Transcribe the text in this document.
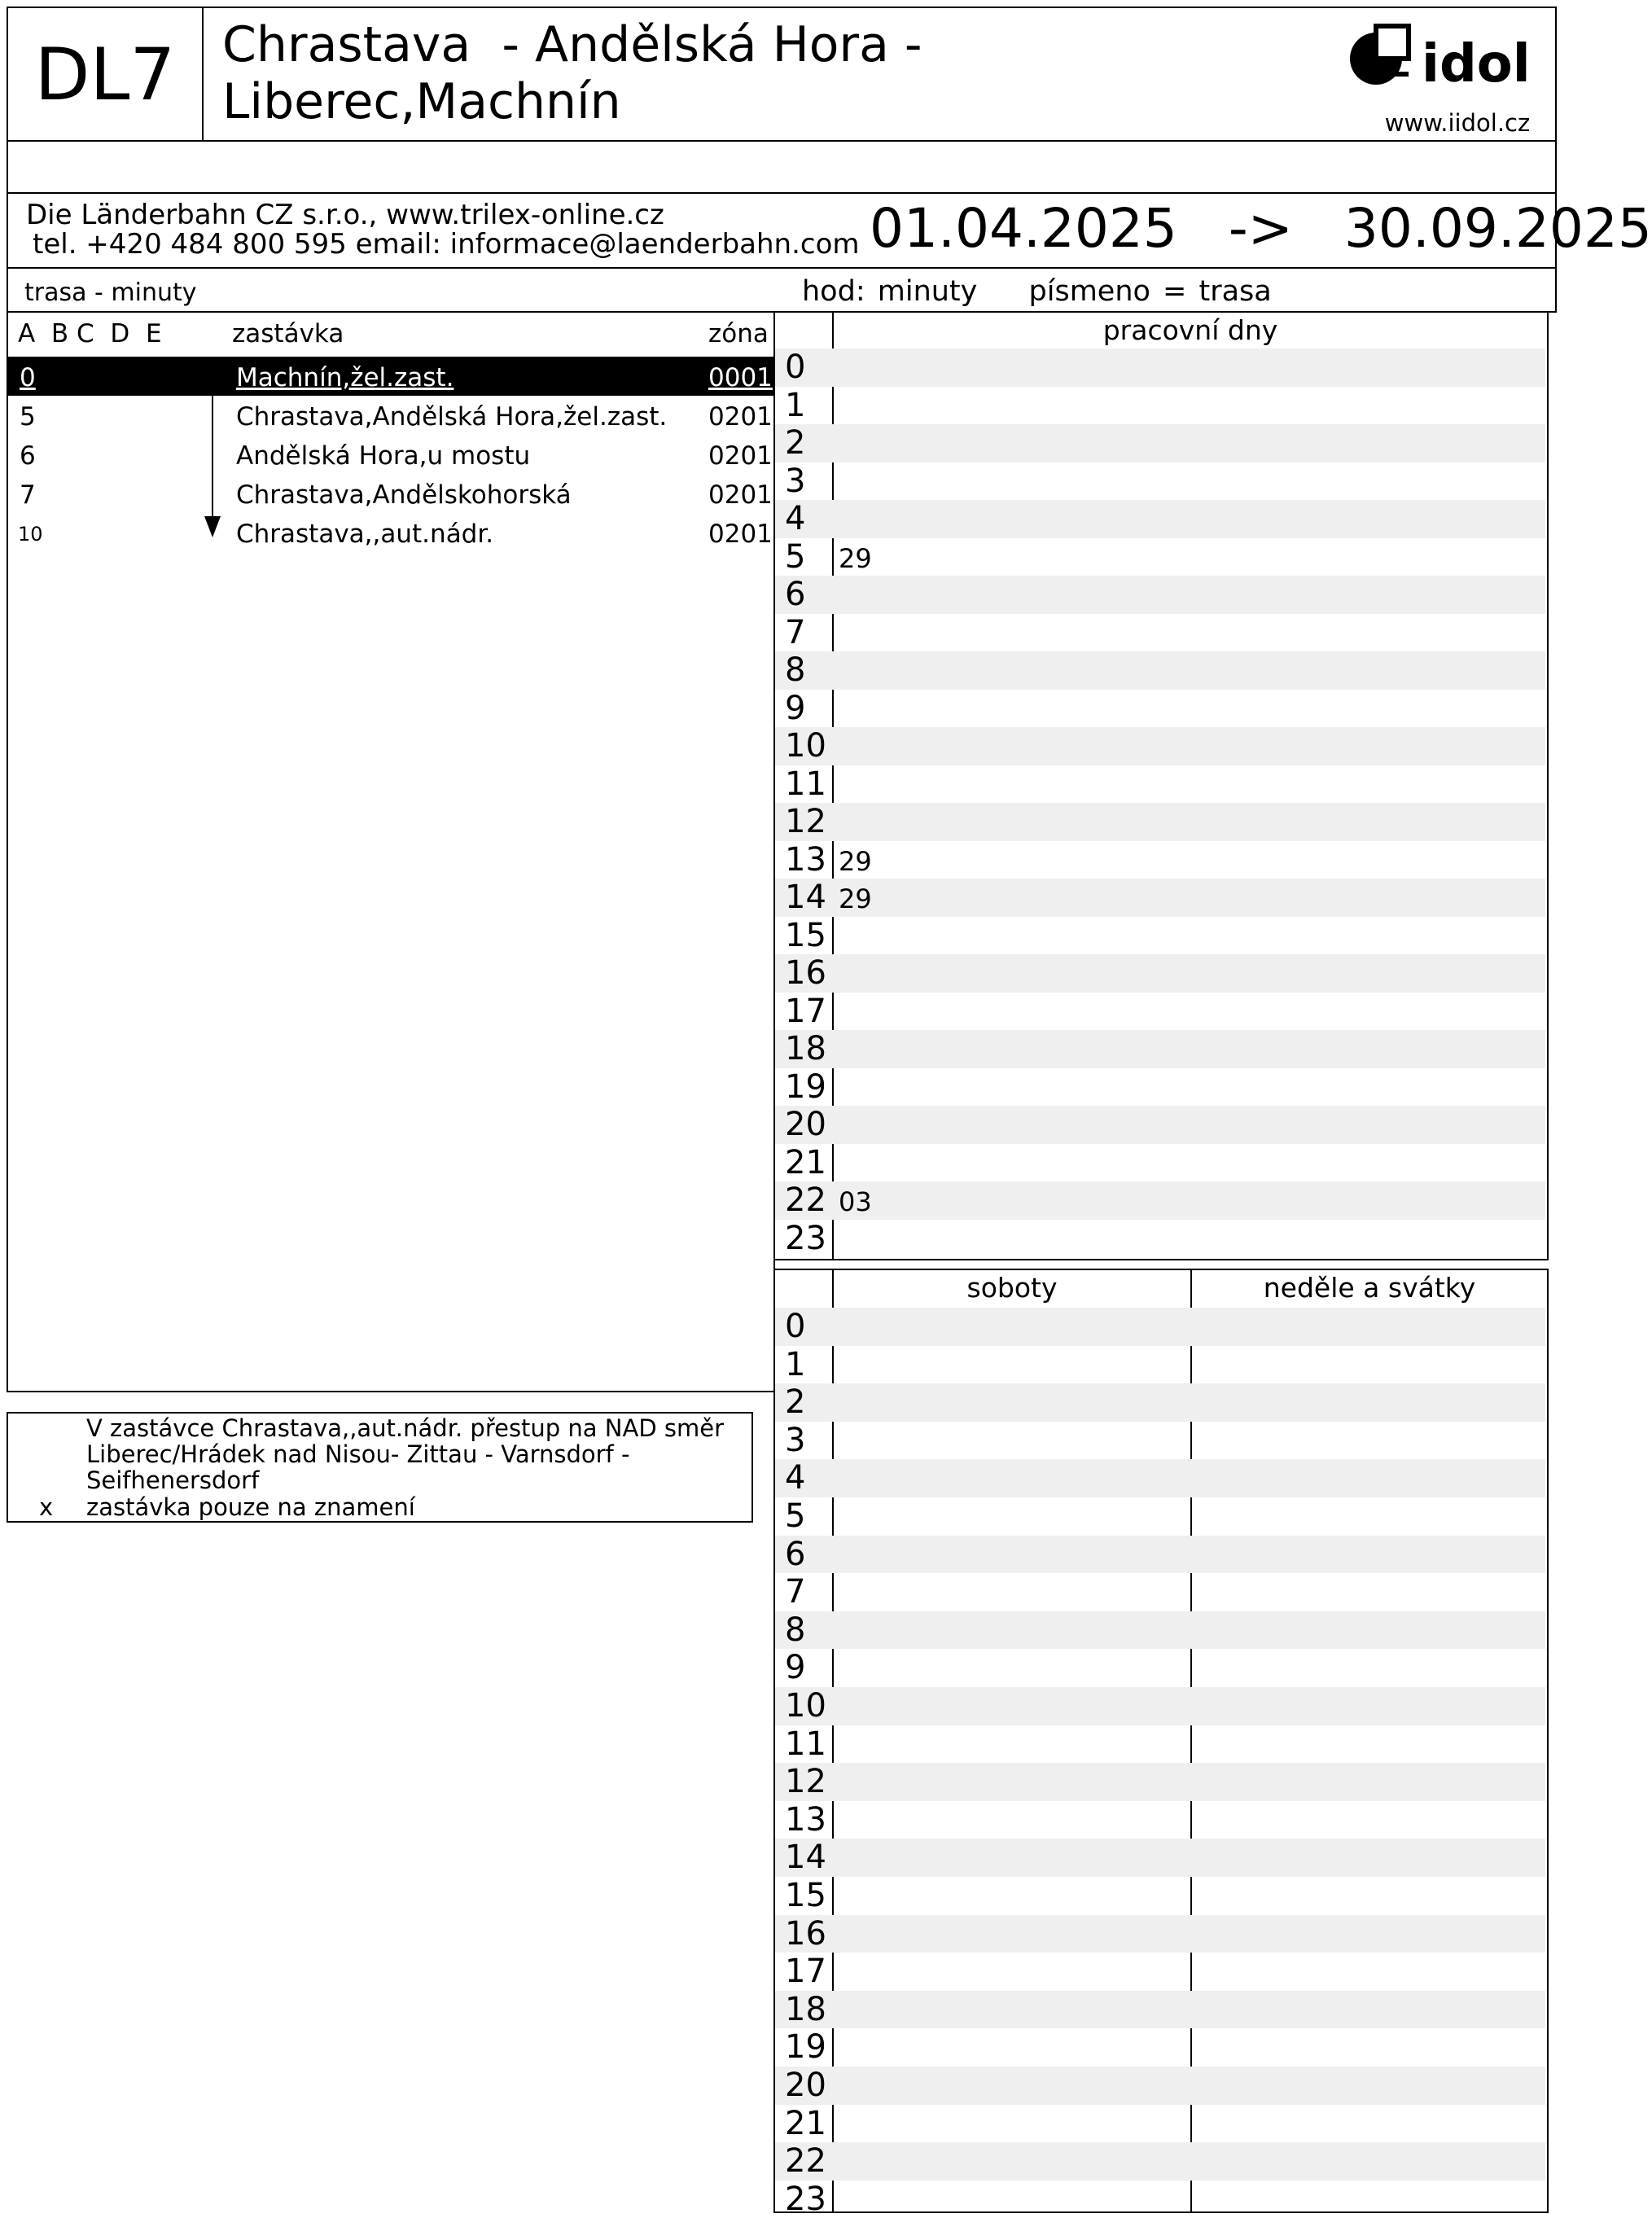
DL7 Chrastava  - Andělská Hora -
Liberec,Machnín
idol
www.iidol.cz
Die Länderbahn CZ s.r.o., www.trilex-online.cz
tel. +420 484 800 595 email: informace@laenderbahn.com 01.04.2025 -> 30.09.2025
trasa - minuty	hod: minuty písmeno = trasa
A  B C  D  E	zastávka	zóna
0	Machnín,žel.zast.	0001
5	Chrastava,Andělská Hora,žel.zast. 0201
6	Andělská Hora,u mostu	0201
7	Chrastava,Andělskohorská	0201
10	Chrastava,,aut.nádr.	0201
V zastávce Chrastava,,aut.nádr. přestup na NAD směr Liberec/Hrádek nad Nisou- Zittau - Varnsdorf - Seifhenersdorf
x zastávka pouze na znamení
pracovní dny
0
1
2
3
4
5 29
6
7
8
9
10
11
12
13 29
14 29
15
16
17
18
19
20
21
22 03
23
soboty	neděle a svátky
0
1
2
3
4
5
6
7
8
9
10
11
12
13
14
15
16
17
18
19
20
21
22
23
